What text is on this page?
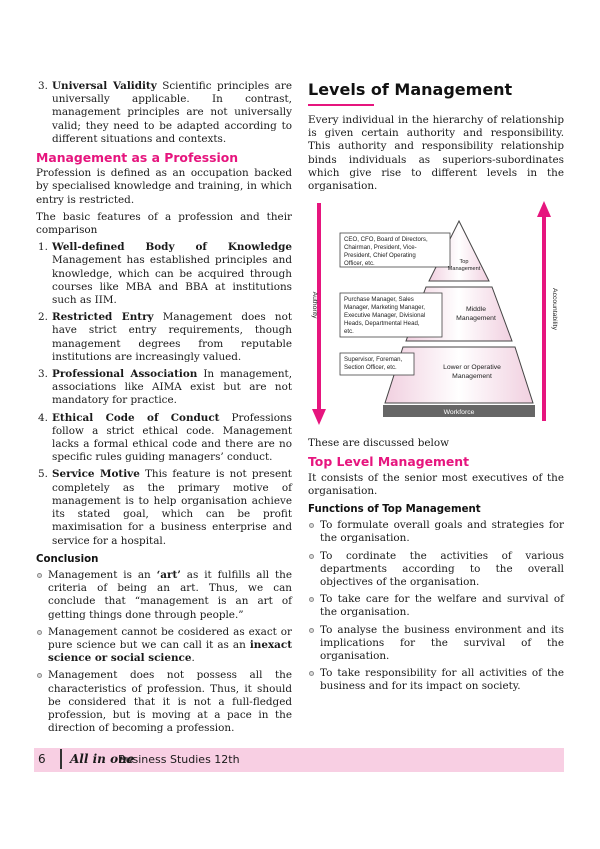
3. Universal Validity Scientific principles are universally applicable. In contrast, management principles are not universally valid; they need to be adapted according to different situations and contexts.
Management as a Profession

Profession is defined as an occupation backed by specialised knowledge and training, in which entry is restricted.

The basic features of a profession and their comparison

1. Well-defined Body of Knowledge Management has established principles and knowledge, which can be acquired through courses like MBA and BBA at institutions such as IIM.
2. Restricted Entry Management does not have strict entry requirements, though management degrees from reputable institutions are increasingly valued.
3. Professional Association In management, associations like AIMA exist but are not mandatory for practice.
4. Ethical Code of Conduct Professions follow a strict ethical code. Management lacks a formal ethical code and there are no specific rules guiding managers’ conduct.
5. Service Motive This feature is not present completely as the primary motive of management is to help organisation achieve its stated goal, which can be profit maximisation for a business enterprise and service for a hospital.
Conclusion
Management is an ‘art’ as it fulfills all the criteria of being an art. Thus, we can conclude that “management is an art of getting things done through people.”
Management cannot be cosidered as exact or pure science but we can call it as an inexact science or social science.
Management does not possess all the characteristics of profession. Thus, it should be considered that it is not a full-fledged profession, but is moving at a pace in the direction of becoming a profession.
Levels of Management

Every individual in the hierarchy of relationship is given certain authority and responsibility. This authority and responsibility relationship binds individuals as superiors-subordinates which give rise to different levels in the organisation.

CEO, CFO, Board of Directors,
Chairman, President, Vice-
President, Chief Operating
Officer, etc.
Purchase Manager, Sales
Manager, Marketing Manager,
Executive Manager, Divisional
Heads, Departmental Head,
etc.
Supervisor, Foreman,
Section Officer, etc.
Top
Management
Middle
Management
Lower or Operative
Management
Workforce
Authority	Accountability

These are discussed below

Top Level Management

It consists of the senior most executives of the organisation.

Functions of Top Management
To formulate overall goals and strategies for the organisation.
To cordinate the activities of various departments according to the overall objectives of the organisation.
To take care for the welfare and survival of the organisation.
To analyse the business environment and its implications for the survival of the organisation.
To take responsibility for all activities of the business and for its impact on society.
6 All in one
Business Studies 12th
